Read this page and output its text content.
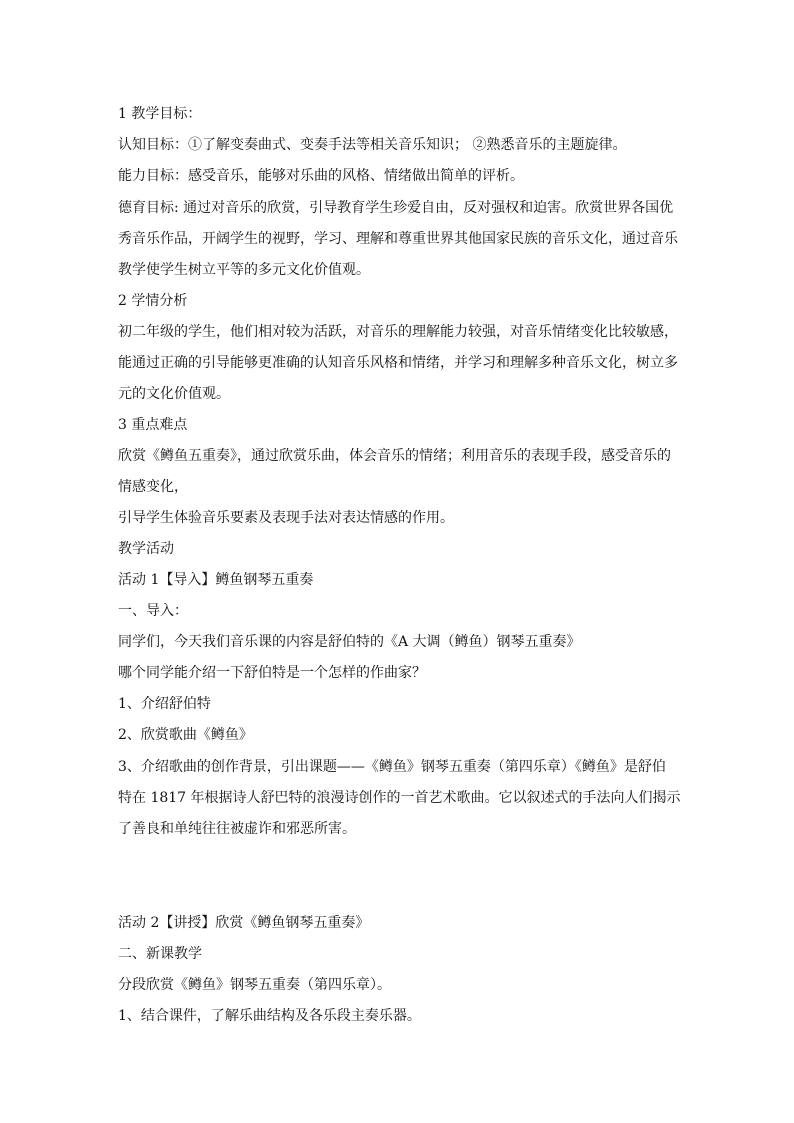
1 教学目标：
认知目标：①了解变奏曲式、变奏手法等相关音乐知识； ②熟悉音乐的主题旋律。
能力目标：感受音乐，能够对乐曲的风格、情绪做出简单的评析。
德育目标: 通过对音乐的欣赏，引导教育学生珍爱自由，反对强权和迫害。欣赏世界各国优
秀音乐作品，开阔学生的视野，学习、理解和尊重世界其他国家民族的音乐文化，通过音乐
教学使学生树立平等的多元文化价值观。
2 学情分析
初二年级的学生，他们相对较为活跃，对音乐的理解能力较强，对音乐情绪变化比较敏感，
能通过正确的引导能够更准确的认知音乐风格和情绪，并学习和理解多种音乐文化，树立多
元的文化价值观。
3 重点难点
欣赏《鳟鱼五重奏》，通过欣赏乐曲，体会音乐的情绪；利用音乐的表现手段，感受音乐的
情感变化，
引导学生体验音乐要素及表现手法对表达情感的作用。
教学活动
活动 1【导入】鳟鱼钢琴五重奏
一、导入：
同学们，今天我们音乐课的内容是舒伯特的《A 大调（鳟鱼）钢琴五重奏》
哪个同学能介绍一下舒伯特是一个怎样的作曲家？
1、介绍舒伯特
2、欣赏歌曲《鳟鱼》
3、介绍歌曲的创作背景，引出课题——《鳟鱼》钢琴五重奏（第四乐章）《鳟鱼》是舒伯
特在 1817 年根据诗人舒巴特的浪漫诗创作的一首艺术歌曲。它以叙述式的手法向人们揭示
了善良和单纯往往被虚诈和邪恶所害。
活动 2【讲授】欣赏《鳟鱼钢琴五重奏》
二、新课教学
分段欣赏《鳟鱼》钢琴五重奏（第四乐章）。
1、结合课件，了解乐曲结构及各乐段主奏乐器。
